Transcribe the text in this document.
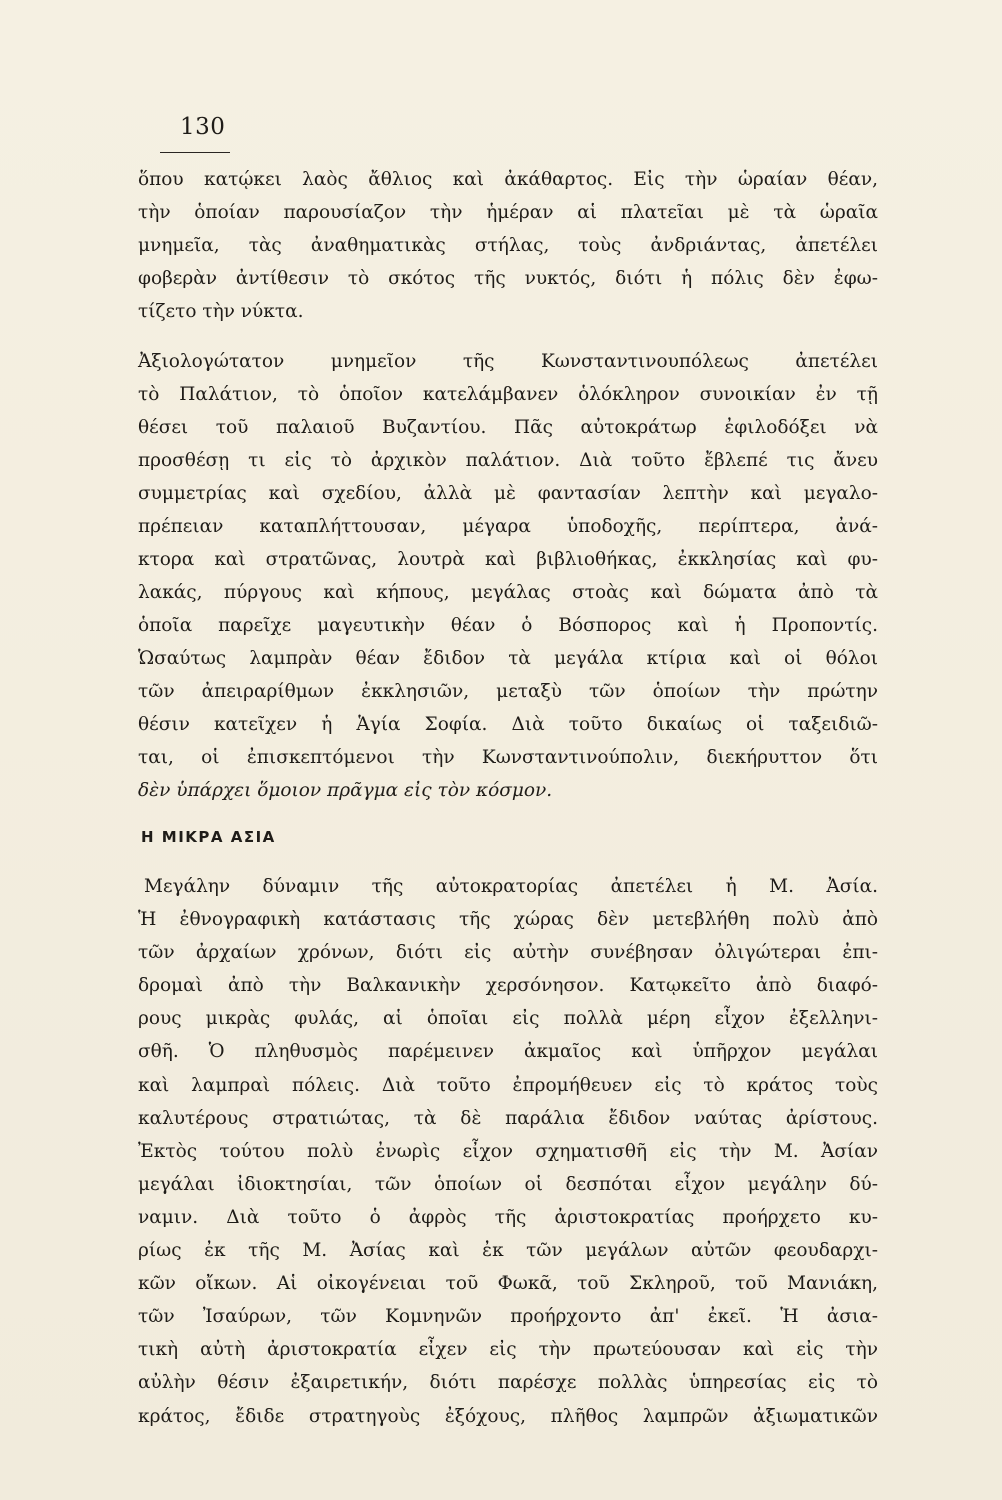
130
ὅπου κατῴκει λαὸς ἄθλιος καὶ ἀκάθαρτος. Εἰς τὴν ὡραίαν θέαν,
τὴν ὁποίαν παρουσίαζον τὴν ἡμέραν αἱ πλατεῖαι μὲ τὰ ὡραῖα
μνημεῖα, τὰς ἀναθηματικὰς στήλας, τοὺς ἀνδριάντας, ἀπετέλει
φοβερὰν ἀντίθεσιν τὸ σκότος τῆς νυκτός, διότι ἡ πόλις δὲν ἐφω-
τίζετο τὴν νύκτα.
Ἀξιολογώτατον μνημεῖον τῆς Κωνσταντινουπόλεως ἀπετέλει
τὸ Παλάτιον, τὸ ὁποῖον κατελάμβανεν ὁλόκληρον συνοικίαν ἐν τῇ
θέσει τοῦ παλαιοῦ Βυζαντίου. Πᾶς αὐτοκράτωρ ἐφιλοδόξει νὰ
προσθέσῃ τι εἰς τὸ ἀρχικὸν παλάτιον. Διὰ τοῦτο ἔβλεπέ τις ἄνευ
συμμετρίας καὶ σχεδίου, ἀλλὰ μὲ φαντασίαν λεπτὴν καὶ μεγαλο-
πρέπειαν καταπλήττουσαν, μέγαρα ὑποδοχῆς, περίπτερα, ἀνά-
κτορα καὶ στρατῶνας, λουτρὰ καὶ βιβλιοθήκας, ἐκκλησίας καὶ φυ-
λακάς, πύργους καὶ κήπους, μεγάλας στοὰς καὶ δώματα ἀπὸ τὰ
ὁποῖα παρεῖχε μαγευτικὴν θέαν ὁ Βόσπορος καὶ ἡ Προποντίς.
Ὡσαύτως λαμπρὰν θέαν ἔδιδον τὰ μεγάλα κτίρια καὶ οἱ θόλοι
τῶν ἀπειραρίθμων ἐκκλησιῶν, μεταξὺ τῶν ὁποίων τὴν πρώτην
θέσιν κατεῖχεν ἡ Ἁγία Σοφία. Διὰ τοῦτο δικαίως οἱ ταξειδιῶ-
ται, οἱ ἐπισκεπτόμενοι τὴν Κωνσταντινούπολιν, διεκήρυττον ὅτι
δὲν ὑπάρχει ὅμοιον πρᾶγμα εἰς τὸν κόσμον.
Η ΜΙΚΡΑ ΑΣΙΑ
Μεγάλην δύναμιν τῆς αὐτοκρατορίας ἀπετέλει ἡ Μ. Ἀσία.
Ἡ ἐθνογραφικὴ κατάστασις τῆς χώρας δὲν μετεβλήθη πολὺ ἀπὸ
τῶν ἀρχαίων χρόνων, διότι εἰς αὐτὴν συνέβησαν ὀλιγώτεραι ἐπι-
δρομαὶ ἀπὸ τὴν Βαλκανικὴν χερσόνησον. Κατῳκεῖτο ἀπὸ διαφό-
ρους μικρὰς φυλάς, αἱ ὁποῖαι εἰς πολλὰ μέρη εἶχον ἐξελληνι-
σθῆ. Ὁ πληθυσμὸς παρέμεινεν ἀκμαῖος καὶ ὑπῆρχον μεγάλαι
καὶ λαμπραὶ πόλεις. Διὰ τοῦτο ἐπρομήθευεν εἰς τὸ κράτος τοὺς
καλυτέρους στρατιώτας, τὰ δὲ παράλια ἔδιδον ναύτας ἀρίστους.
Ἐκτὸς τούτου πολὺ ἐνωρὶς εἶχον σχηματισθῆ εἰς τὴν Μ. Ἀσίαν
μεγάλαι ἰδιοκτησίαι, τῶν ὁποίων οἱ δεσπόται εἶχον μεγάλην δύ-
ναμιν. Διὰ τοῦτο ὁ ἀφρὸς τῆς ἀριστοκρατίας προήρχετο κυ-
ρίως ἐκ τῆς Μ. Ἀσίας καὶ ἐκ τῶν μεγάλων αὐτῶν φεουδαρχι-
κῶν οἴκων. Αἱ οἰκογένειαι τοῦ Φωκᾶ, τοῦ Σκληροῦ, τοῦ Μανιάκη,
τῶν Ἰσαύρων, τῶν Κομνηνῶν προήρχοντο ἀπ' ἐκεῖ. Ἡ ἀσια-
τικὴ αὐτὴ ἀριστοκρατία εἶχεν εἰς τὴν πρωτεύουσαν καὶ εἰς τὴν
αὐλὴν θέσιν ἐξαιρετικήν, διότι παρέσχε πολλὰς ὑπηρεσίας εἰς τὸ
κράτος, ἔδιδε στρατηγοὺς ἐξόχους, πλῆθος λαμπρῶν ἀξιωματικῶν
